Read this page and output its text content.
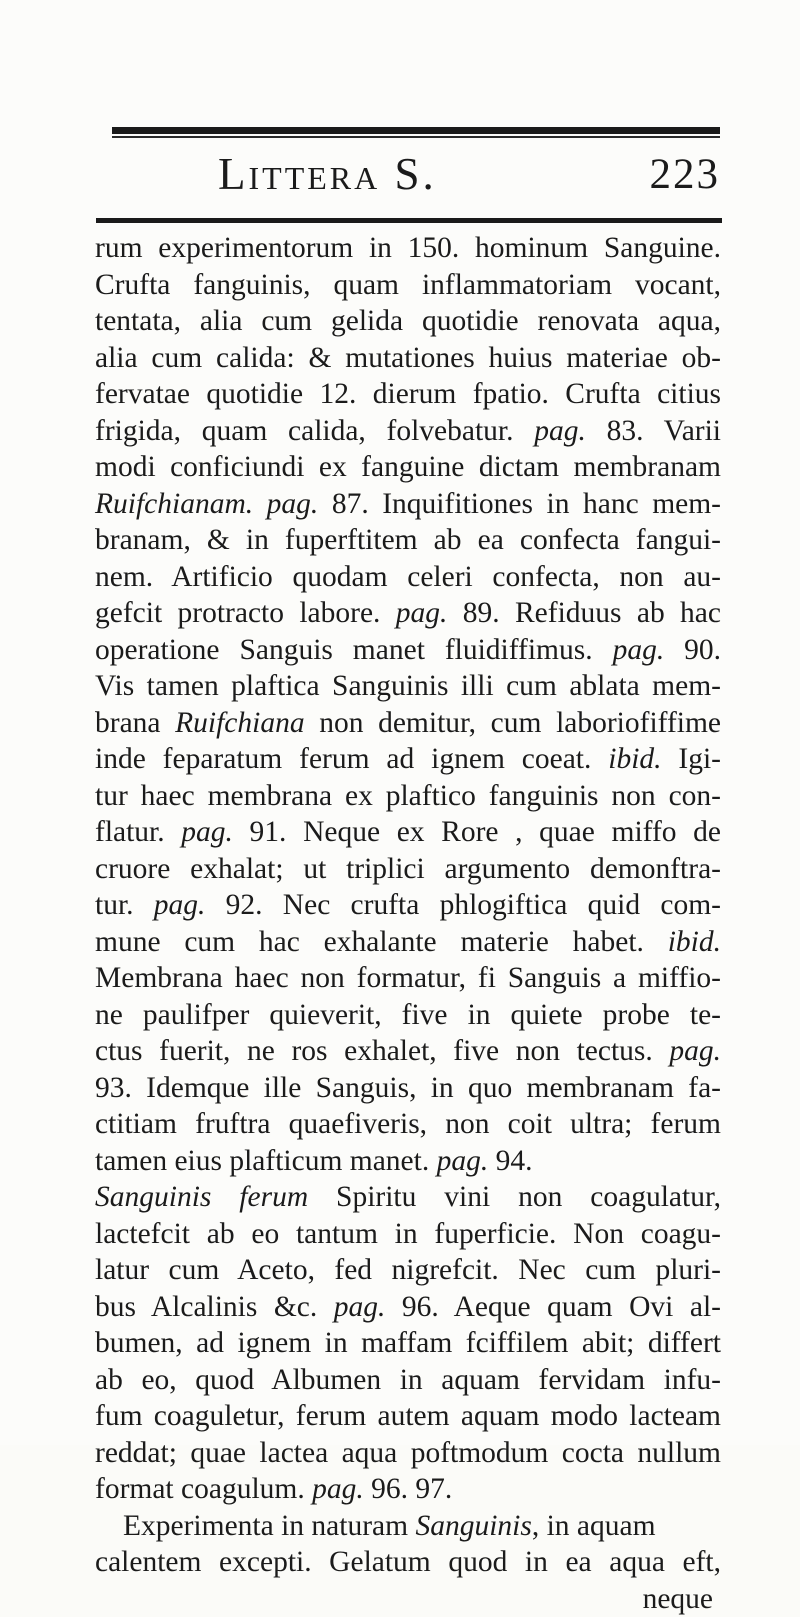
Littera S.	223
rum experimentorum in 150. hominum Sanguine.
Crufta fanguinis, quam inflammatoriam vocant,
tentata, alia cum gelida quotidie renovata aqua,
alia cum calida: & mutationes huius materiae ob-
fervatae quotidie 12. dierum fpatio. Crufta citius
frigida, quam calida, folvebatur. pag. 83. Varii
modi conficiundi ex fanguine dictam membranam
Ruifchianam. pag. 87. Inquifitiones in hanc mem-
branam, & in fuperftitem ab ea confecta fangui-
nem. Artificio quodam celeri confecta, non au-
gefcit protracto labore. pag. 89. Refiduus ab hac
operatione Sanguis manet fluidiffimus. pag. 90.
Vis tamen plaftica Sanguinis illi cum ablata mem-
brana Ruifchiana non demitur, cum laboriofiffime
inde feparatum ferum ad ignem coeat. ibid. Igi-
tur haec membrana ex plaftico fanguinis non con-
flatur. pag. 91. Neque ex Rore , quae miffo de
cruore exhalat; ut triplici argumento demonftra-
tur. pag. 92. Nec crufta phlogiftica quid com-
mune cum hac exhalante materie habet. ibid.
Membrana haec non formatur, fi Sanguis a miffio-
ne paulifper quieverit, five in quiete probe te-
ctus fuerit, ne ros exhalet, five non tectus. pag.
93. Idemque ille Sanguis, in quo membranam fa-
ctitiam fruftra quaefiveris, non coit ultra; ferum
tamen eius plafticum manet. pag. 94.
Sanguinis ferum Spiritu vini non coagulatur,
lactefcit ab eo tantum in fuperficie. Non coagu-
latur cum Aceto, fed nigrefcit. Nec cum pluri-
bus Alcalinis &c. pag. 96. Aeque quam Ovi al-
bumen, ad ignem in maffam fciffilem abit; differt
ab eo, quod Albumen in aquam fervidam infu-
fum coaguletur, ferum autem aquam modo lacteam
reddat; quae lactea aqua poftmodum cocta nullum
format coagulum. pag. 96. 97.
Experimenta in naturam Sanguinis, in aquam
calentem excepti. Gelatum quod in ea aqua eft,
neque
